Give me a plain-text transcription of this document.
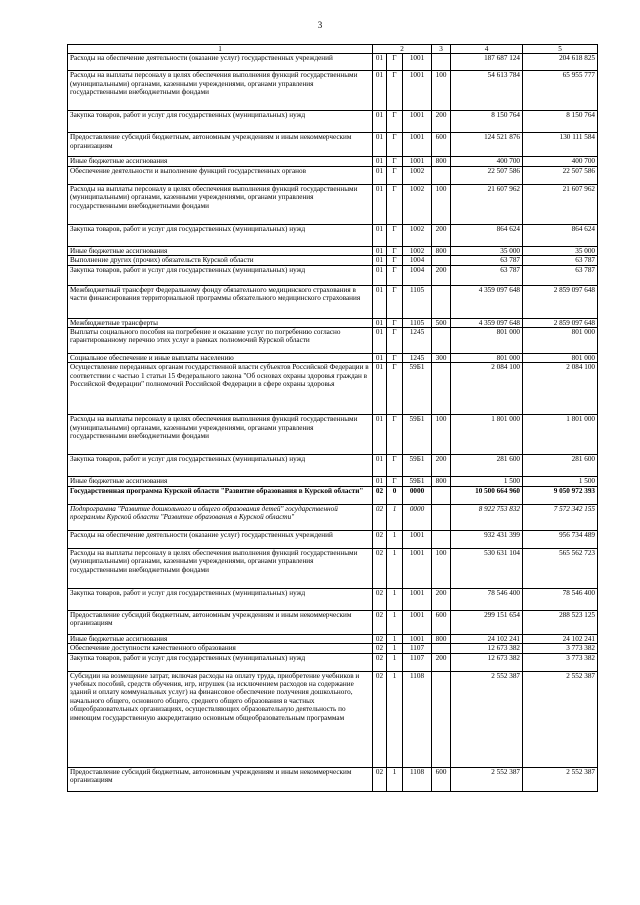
3
1	2			3	4	5
Расходы на обеспечение деятельности (оказание услуг) государственных учреждений	01	Г	1001		187 687 124	204 618 825
Расходы на выплаты персоналу в целях обеспечения выполнения функций государственными (муниципальными) органами, казенными учреждениями, органами управления государственными внебюджетными фондами	01	Г	1001	100	54 613 784	65 955 777
Закупка товаров, работ и услуг для государственных (муниципальных) нужд	01	Г	1001	200	8 150 764	8 150 764
Предоставление субсидий бюджетным, автономным учреждениям и иным некоммерческим организациям	01	Г	1001	600	124 521 876	130 111 584
Иные бюджетные ассигнования	01	Г	1001	800	400 700	400 700
Обеспечение деятельности и выполнение функций государственных органов	01	Г	1002		22 507 586	22 507 586
Расходы на выплаты персоналу в целях обеспечения выполнения функций государственными (муниципальными) органами, казенными учреждениями, органами управления государственными внебюджетными фондами	01	Г	1002	100	21 607 962	21 607 962
Закупка товаров, работ и услуг для государственных (муниципальных) нужд	01	Г	1002	200	864 624	864 624
Иные бюджетные ассигнования	01	Г	1002	800	35 000	35 000
Выполнение других (прочих) обязательств Курской области	01	Г	1004		63 787	63 787
Закупка товаров, работ и услуг для государственных (муниципальных) нужд	01	Г	1004	200	63 787	63 787
Межбюджетный трансферт Федеральному фонду обязательного медицинского страхования в части финансирования территориальной программы обязательного медицинского страхования	01	Г	1105		4 359 097 648	2 859 097 648
Межбюджетные трансферты	01	Г	1105	500	4 359 097 648	2 859 097 648
Выплаты социального пособия на погребение и оказание услуг по погребению согласно гарантированному перечню этих услуг в рамках полномочий Курской области	01	Г	1245		801 000	801 000
Социальное обеспечение и иные выплаты населению	01	Г	1245	300	801 000	801 000
Осуществление переданных органам государственной власти субъектов Российской Федерации в соответствии с частью 1 статьи 15 Федерального закона "Об основах охраны здоровья граждан в Российской Федерации" полномочий Российской Федерации в сфере охраны здоровья	01	Г	59Б1		2 084 100	2 084 100
Расходы на выплаты персоналу в целях обеспечения выполнения функций государственными (муниципальными) органами, казенными учреждениями, органами управления государственными внебюджетными фондами	01	Г	59Б1	100	1 801 000	1 801 000
Закупка товаров, работ и услуг для государственных (муниципальных) нужд	01	Г	59Б1	200	281 600	281 600
Иные бюджетные ассигнования	01	Г	59Б1	800	1 500	1 500
Государственная программа Курской области "Развитие образования в Курской области"	02	0	0000		10 500 664 960	9 050 972 393
Подпрограмма "Развитие дошкольного и общего образования детей" государственной программы Курской области "Развитие образования в Курской области"	02	1	0000		8 922 753 832	7 572 342 155
Расходы на обеспечение деятельности (оказание услуг) государственных учреждений	02	1	1001		932 431 399	956 734 489
Расходы на выплаты персоналу в целях обеспечения выполнения функций государственными (муниципальными) органами, казенными учреждениями, органами управления государственными внебюджетными фондами	02	1	1001	100	530 631 104	565 562 723
Закупка товаров, работ и услуг для государственных (муниципальных) нужд	02	1	1001	200	78 546 400	78 546 400
Предоставление субсидий бюджетным, автономным учреждениям и иным некоммерческим организациям	02	1	1001	600	299 151 654	288 523 125
Иные бюджетные ассигнования	02	1	1001	800	24 102 241	24 102 241
Обеспечение доступности качественного образования	02	1	1107		12 673 382	3 773 382
Закупка товаров, работ и услуг для государственных (муниципальных) нужд	02	1	1107	200	12 673 382	3 773 382
Субсидии на возмещение затрат, включая расходы на оплату труда, приобретение учебников и учебных пособий, средств обучения, игр, игрушек (за исключением расходов на содержание зданий и оплату коммунальных услуг) на финансовое обеспечение получения дошкольного, начального общего, основного общего, среднего общего образования в частных общеобразовательных организациях, осуществляющих образовательную деятельность по имеющим государственную аккредитацию основным общеобразовательным программам	02	1	1108		2 552 387	2 552 387
Предоставление субсидий бюджетным, автономным учреждениям и иным некоммерческим организациям	02	1	1108	600	2 552 387	2 552 387
